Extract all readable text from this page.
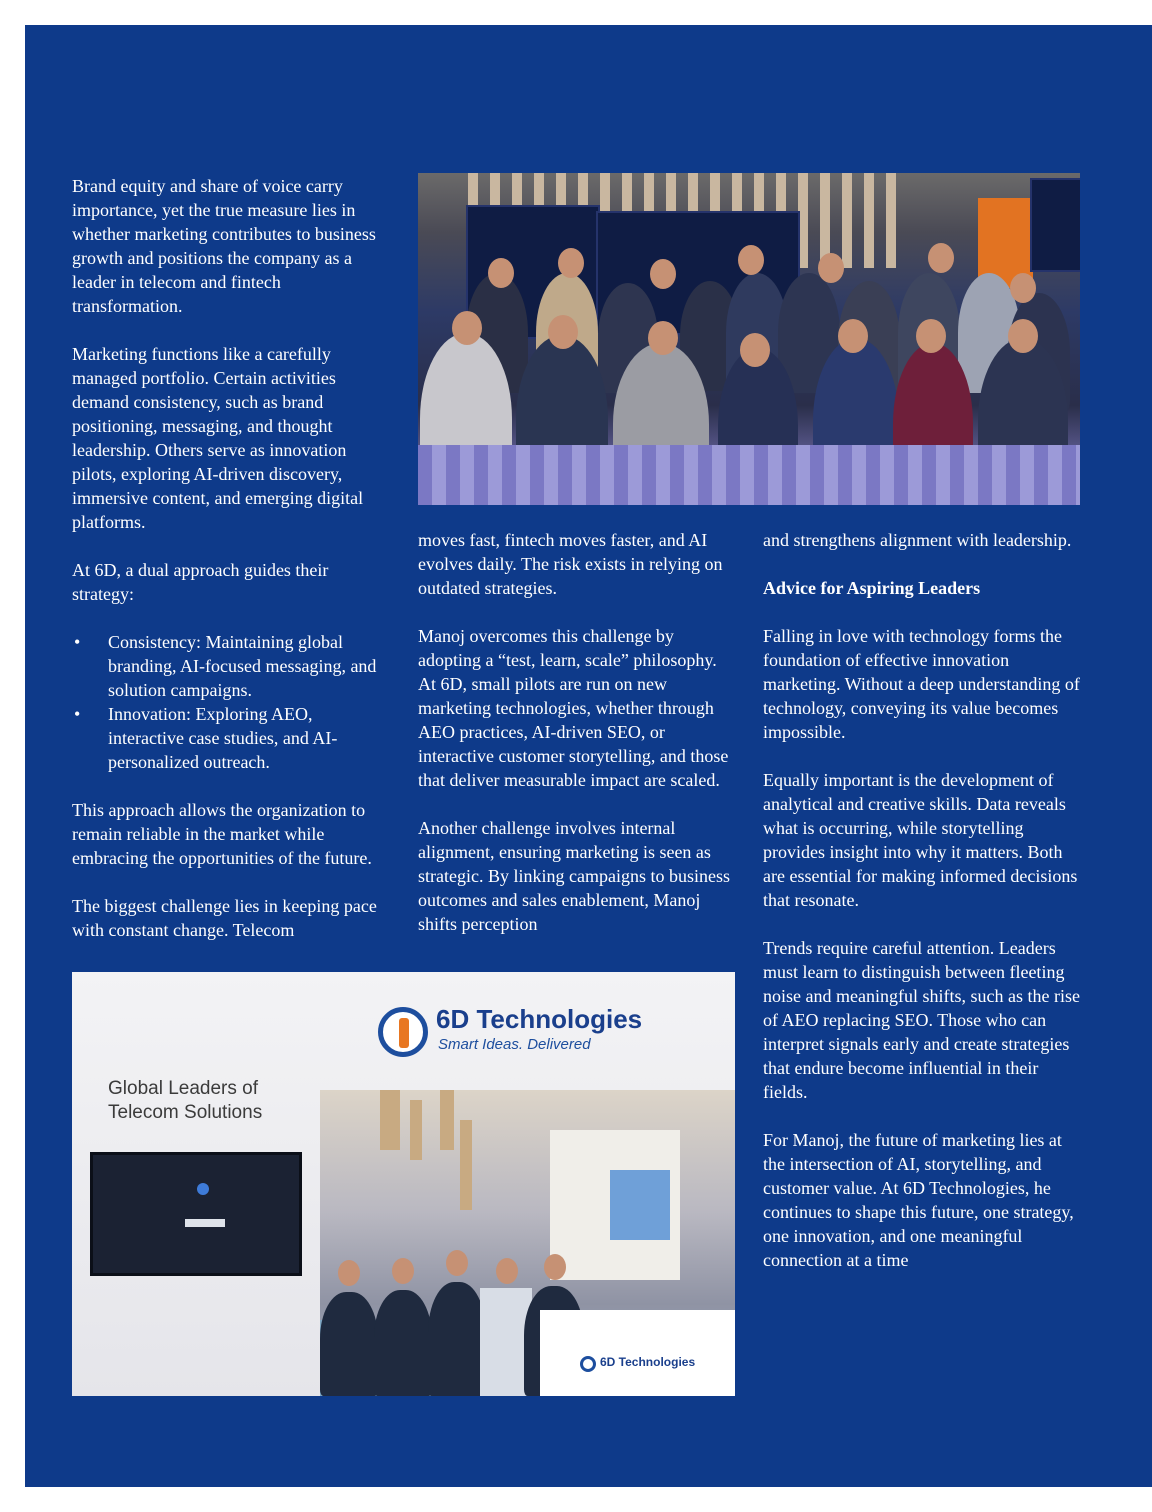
Brand equity and share of voice carry importance, yet the true measure lies in whether marketing contributes to business growth and positions the company as a leader in telecom and fintech transformation.

Marketing functions like a carefully managed portfolio. Certain activities demand consistency, such as brand positioning, messaging, and thought leadership. Others serve as innovation pilots, exploring AI-driven discovery, immersive content, and emerging digital platforms.

At 6D, a dual approach guides their strategy:

• Consistency: Maintaining global branding, AI-focused messaging, and solution campaigns.
• Innovation: Exploring AEO, interactive case studies, and AI-personalized outreach.

This approach allows the organization to remain reliable in the market while embracing the opportunities of the future.

The biggest challenge lies in keeping pace with constant change. Telecom

moves fast, fintech moves faster, and AI evolves daily. The risk exists in relying on outdated strategies.

Manoj overcomes this challenge by adopting a “test, learn, scale” philosophy. At 6D, small pilots are run on new marketing technologies, whether through AEO practices, AI-driven SEO, or interactive customer storytelling, and those that deliver measurable impact are scaled.

Another challenge involves internal alignment, ensuring marketing is seen as strategic. By linking campaigns to business outcomes and sales enablement, Manoj shifts perception

and strengthens alignment with leadership.

Advice for Aspiring Leaders

Falling in love with technology forms the foundation of effective innovation marketing. Without a deep understanding of technology, conveying its value becomes impossible.

Equally important is the development of analytical and creative skills. Data reveals what is occurring, while storytelling provides insight into why it matters. Both are essential for making informed decisions that resonate.

Trends require careful attention. Leaders must learn to distinguish between fleeting noise and meaningful shifts, such as the rise of AEO replacing SEO. Those who can interpret signals early and create strategies that endure become influential in their fields.

For Manoj, the future of marketing lies at the intersection of AI, storytelling, and customer value. At 6D Technologies, he continues to shape this future, one strategy, one innovation, and one meaningful connection at a time

6D Technologies
Smart Ideas. Delivered
Global Leaders of Telecom Solutions
6D Technologies
